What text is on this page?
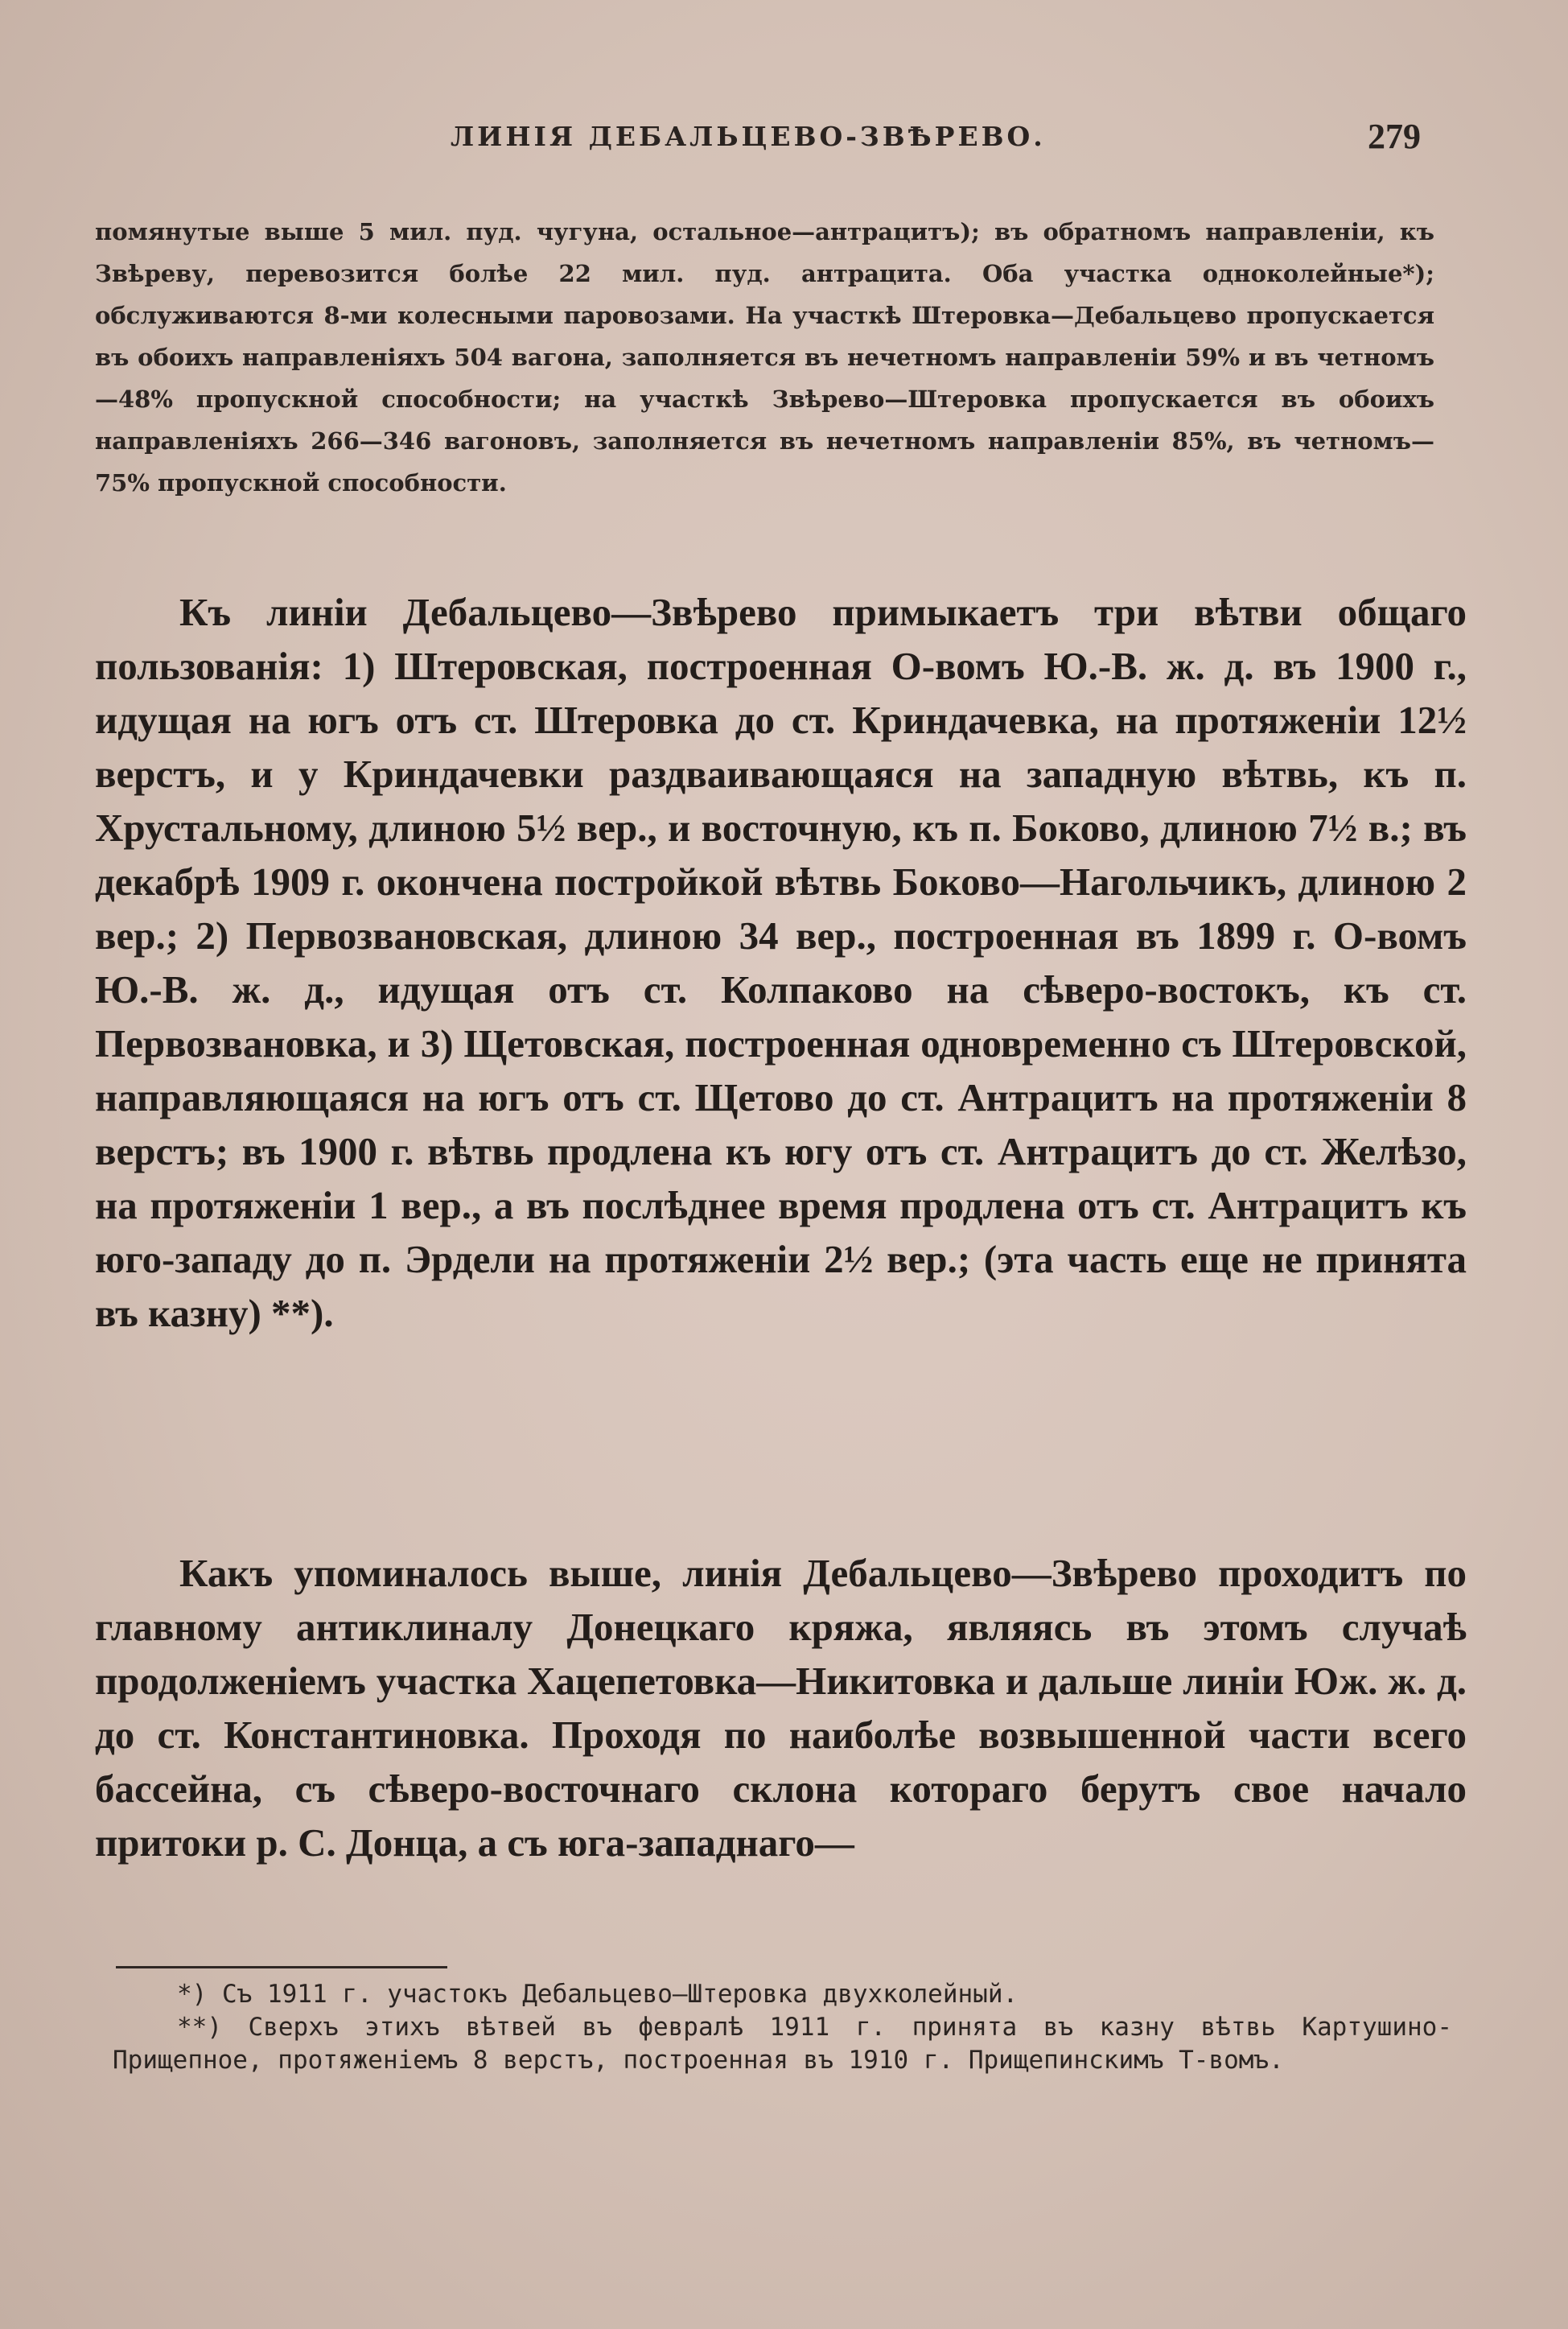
ЛИНІЯ ДЕБАЛЬЦЕВО-ЗВѢРЕВО.	279

помянутые выше 5 мил. пуд. чугуна, остальное—антрацитъ); въ обратномъ направленіи, къ Звѣреву, перевозится болѣе 22 мил. пуд. антрацита. Оба участка одноколейные*); обслуживаются 8-ми колесными паровозами. На участкѣ Штеровка—Дебальцево пропускается въ обоихъ направленіяхъ 504 вагона, заполняется въ нечетномъ направленіи 59% и въ четномъ—48% пропускной способности; на участкѣ Звѣрево—Штеровка пропускается въ обоихъ направленіяхъ 266—346 вагоновъ, заполняется въ нечетномъ направленіи 85%, въ четномъ—75% пропускной способности.

Къ линіи Дебальцево—Звѣрево примыкаетъ три вѣтви общаго пользованія: 1) Штеровская, построенная О-вомъ Ю.-В. ж. д. въ 1900 г., идущая на югъ отъ ст. Штеровка до ст. Криндачевка, на протяженіи 12½ верстъ, и у Криндачевки раздваивающаяся на западную вѣтвь, къ п. Хрустальному, длиною 5½ вер., и восточную, къ п. Боково, длиною 7½ в.; въ декабрѣ 1909 г. окончена постройкой вѣтвь Боково—Нагольчикъ, длиною 2 вер.; 2) Первозвановская, длиною 34 вер., построенная въ 1899 г. О-вомъ Ю.-В. ж. д., идущая отъ ст. Колпаково на сѣверо-востокъ, къ ст. Первозвановка, и 3) Щетовская, построенная одновременно съ Штеровской, направляющаяся на югъ отъ ст. Щетово до ст. Антрацитъ на протяженіи 8 верстъ; въ 1900 г. вѣтвь продлена къ югу отъ ст. Антрацитъ до ст. Желѣзо, на протяженіи 1 вер., а въ послѣднее время продлена отъ ст. Антрацитъ къ юго-западу до п. Эрдели на протяженіи 2½ вер.; (эта часть еще не принята въ казну) **).

Какъ упоминалось выше, линія Дебальцево—Звѣрево проходитъ по главному антиклиналу Донецкаго кряжа, являясь въ этомъ случаѣ продолженіемъ участка Хацепетовка—Никитовка и дальше линіи Юж. ж. д. до ст. Константиновка. Проходя по наиболѣе возвышенной части всего бассейна, съ сѣверо-восточнаго склона котораго берутъ свое начало притоки р. С. Донца, а съ юга-западнаго—

*) Съ 1911 г. участокъ Дебальцево—Штеровка двухколейный.

**) Сверхъ этихъ вѣтвей въ февралѣ 1911 г. принята въ казну вѣтвь Картушино-Прищепное, протяженіемъ 8 верстъ, построенная въ 1910 г. Прищепинскимъ Т-вомъ.
